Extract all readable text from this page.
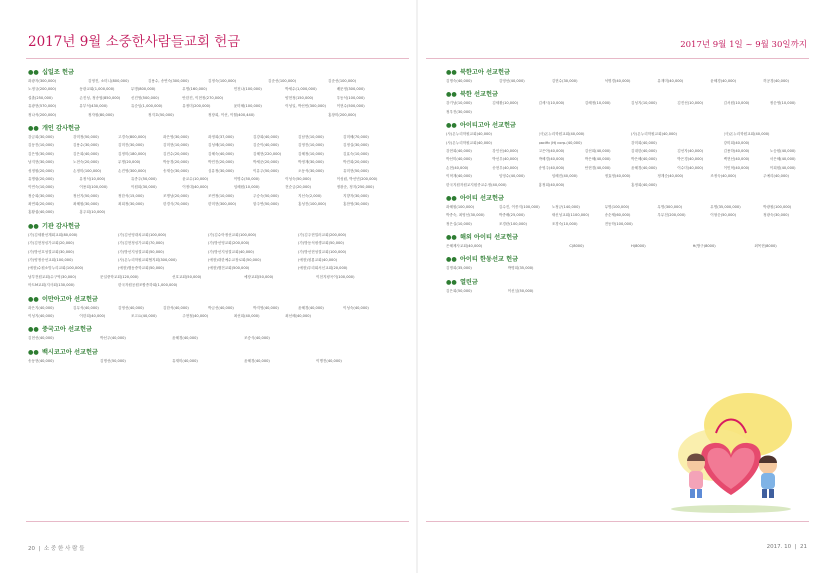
2017년 9월 소중한사람들교회 헌금
●● 십일조 헌금
곽광자(300,000)	김영진, 소미니(800,000)	김용수, 송연숙(300,000)	김정숙(100,000)	김준선(100,000)	김준선(100,000)
노정규(200,000)	동광교회(1,000,000)	무명(800,000)	무명(160,000)	민천나(100,000)	박세수(1,000,000)	배문정(300,000)
설춘(250,000)	손진성, 정송엽(850,000)	신진영(500,000)	안한진, 이현정(270,000)	양현정(150,000)	우동석(100,000)
유광현(570,000)	유부석(430,000)	유순임(1,000,000)	유정미(200,000)	윤미혜(100,000)	이성일, 박선빈(300,000)	이현수(500,000)
정나석(200,000)	정자원(80,000)	정지호(50,000)	정장희, 이선, 이월(400,440)	홍창미(200,000)
●● 개인 감사헌금
강금희(30,000)	강미정(50,000)	고경숙(800,000)	곽은영(30,000)	곽정희(37,000)	김강희(40,000)	김남현(10,000)	김미혜(70,000)
김동진(10,000)	김용수(30,000)	김미진(30,000)	김미현(10,000)	김성혜(10,000)	김순이(40,000)	김영진(10,000)	김정실(30,000)
김은영(30,000)	김은희(40,000)	김정미(180,000)	김진수(20,000)	김혜숙(40,000)	김혜현(220,000)	김혜정(10,000)	김효숙(10,000)
남지현(30,000)	노현숙(20,000)	무명(20,000)	박동경(20,000)	박민진(20,000)	박세준(20,000)	박정재(30,000)	박진희(20,000)
성정원(20,000)	손정미(100,000)	손진영(300,000)	송재승(30,000)	심유정(30,000)	이유주(50,000)	오동석(30,000)	유미현(50,000)
유명림(20,000)	유정석(10,000)	유종주(50,000)	윤교수(10,000)	이명수(50,000)	이성숙(50,000)	이성림, 박선빈(200,000)
이연숙(10,000)	이용희(100,000)	이원희(30,000)	이정대(40,000)	임혜원(10,000)	전순금(20,000)	정광준, 정지(250,000)
정승희(30,000)	정선지(50,000)	정한석(15,000)	조명남(20,000)	조연정(10,000)	주승숙(50,000)	지선숙(2,000)	지향자(30,000)
최연희(20,000)	최혜원(30,000)	최희정(30,000)	한경식(70,000)	한미현(300,000)	함주연(50,000)	홍성진(100,000)	홍찬영(30,000)
홍황섭(40,000)	홍주희(10,000)
●● 기관 감사헌금
(가)김세환선계회교회(80,000)	(가)김선영대치교회(100,000)	(가)김수아정선교회(100,000)	(가)김주현밀러교회(200,000)
(가)김현정싱가교회(20,000)	(가)김현정싱가교회(70,000)	(가)방선영교회(200,000)	(가)방동석평생교회(50,000)
(가)방선호성결교회(30,000)	(가)방선지성결교회(50,000)	(가)방선지성결교회(40,000)	(가)방선현성결교회(100,000)
(가)양정송선교회(100,000)	(사)온누리학원교회협지회(300,000)	(예장)대한예수교장로회(50,000)	(예장)청룡교회(40,000)
(예장)수원소망누리교회(100,000)	(예장)행동중학교회(50,000)	(예장)행전교회(500,000)	(예장)우리회서신교회(20,000)
남부전원교회(수구역(30,000)	문일중학교회(120,000)	선호교회(50,000)	예장교회(50,000)	이천지평곡이(100,000)
아트M교회(지사회(130,000)	한국자원공원조합종하회(1,000,000)
●● 이만아고아 선교헌금
곽은지(40,000)	김무석(40,000)	김영선(40,000)	김한석(40,000)	박금선(40,000)	박지영(40,000)	윤혜경(40,000)	이성숙(40,000)
이성지(40,000)	이한희(40,000)	조고요(40,000)	주현철(40,000)	최선희(40,000)	최선혜(40,000)
●● 중국고아 선교헌금
김현선(40,000)	박선주(40,000)	윤혜경(40,000)	조증식(40,000)
●● 백시코고아 선교헌금
송동현(40,000)	김명선(50,000)	유재미(40,000)	윤혜경(40,000)	이병진(40,000)
20  |  소 중 한 사 람 들
2017년 9월 1일 ~ 9월 30일까지
●● 북한고아 선교헌금
김명숙(40,000)	김영선(40,000)	김현수(30,000)	석명경(40,000)	유재미(40,000)	윤혜경(40,000)	허공경(40,000)
●● 북한 선교헌금
강기남(10,000)	김세환(10,000)	김세시(10,000)	김혜정(10,000)	김성지(10,000)	김진선(10,000)	김서원(10,000)	정순영(10,000)
정우진(30,000)
●● 아이티고아 선교헌금
(사)온누리학원교회(40,000)	(사)온누리학원교회(40,000)	(사)온누리학원교회(40,000)	(사)온누리학원교회(40,000)
(사)온누리학원교회(40,000)	pacific JHJ corp.(40,000)	강미희(40,000)	강미희(40,000)
강현희(40,000)	강인선(40,000)	고은아(40,000)	김선희(40,000)	김대한(40,000)	김선자(40,000)	김용하(40,000)	노승원(40,000)
박선미(40,000)	박선우(40,000)	박혜경(40,000)	박은혜(40,000)	박은혜(40,000)	박은경(40,000)	백현선(40,000)	서은혜(40,000)
손현(40,000)	송현우(40,000)	송영주(40,000)	안현경(40,000)	윤혜경(40,000)	이수미(40,000)	이민혁(40,000)	이희원(40,000)
이혁재(40,000)	임영수(40,000)	임혜진(40,000)	정효영(40,000)	정계순(40,000)	조정숙(40,000)	주예리(40,000)
한국지원자원교지원종교수정(40,000)	홍정희(40,000)	홍정희(40,000)
●● 아이티 선교헌금
곽혜원(100,000)	김수진, 이종지(100,000)	노정규(140,000)	무명(100,000)	무명(300,000)	무명(35,000,000)	박광원(100,000)
박종숙, 최영선(30,000)	박종배(25,000)	새신성교회(1100,000)	송순제(60,000)	우무천(200,000)	이형순(50,000)	정광숙(30,000)
정은실(10,000)	조경란(100,000)	조경숙(10,000)	전동학(100,000)
●● 해외 아이티 선교헌금
은혜제사교회(40,000)	C(8000)	H(8000)	H(방구(8000)	최목현(8000)
●● 아이티 한동선교 헌금
김명희(35,000)	박명희(35,000)
●● 열린금
김은희(50,000)	이신심(50,000)
2017. 10  |  21
